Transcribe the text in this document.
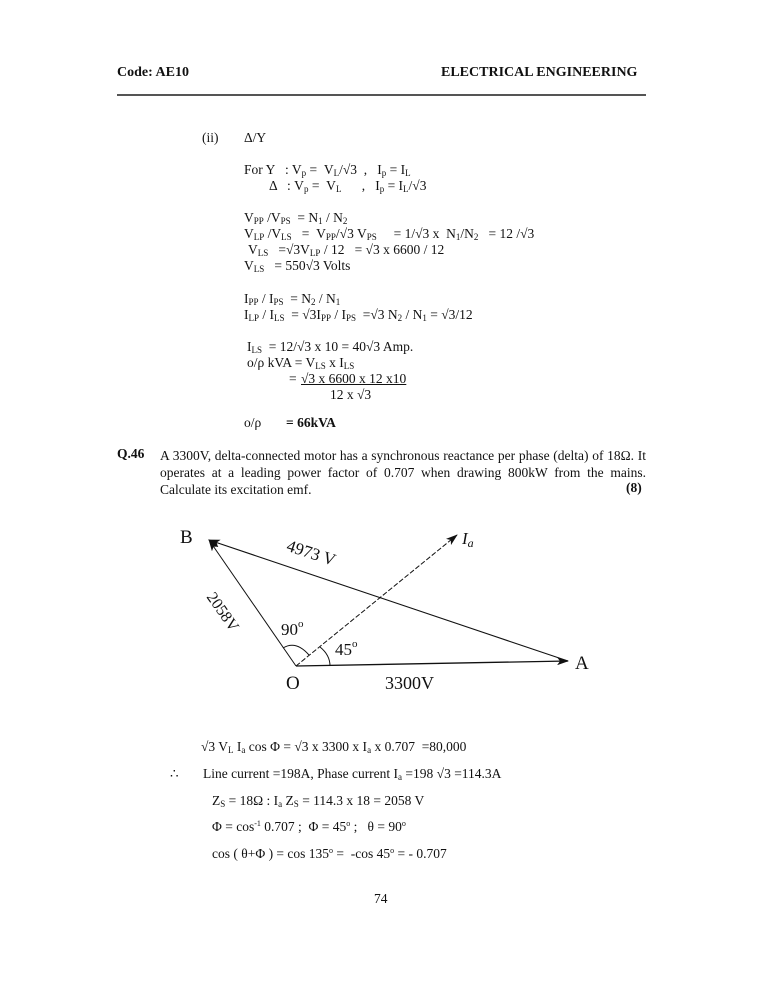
Code: AE10	ELECTRICAL ENGINEERING
(ii) Δ/Y
For Y   : $V_p = V_L/√3$  ,   $I_p = I_L$
Δ   : $V_p = V_L$      ,   $I_p = I_L/√3$
$V_{PP}$ $/V_{PS} = N_1 / N_2$
$V_{LP}$ $/V_{LS} = V_{PP}/√3$ $V_{PS}$     = 1/√3 x  $N_1/N_2 = 12$ /√3
$V_{LS} =√3V_{LP} / 12 = √3$ x 6600 / 12
$V_{LS} = 550√3$ Volts
$I_{PP} / I_{PS} = N_2 / N_1$
$I_{LP} / I_{LS} = √3I_{PP} / I_{PS} =√3$ $N_2 / N_1 = √3/12$
$I_{LS} = 12/√3$ x 10 = 40√3 Amp.
o/ρ kVA = $V_{LS}$ x $I_{LS}$
= √3 x 6600 x 12 x10
12 x √3
o/ρ = 66kVA
Q.46 A 3300V, delta-connected motor has a synchronous reactance per phase (delta) of 18Ω. It operates at a leading power factor of 0.707 when drawing 800kW from the mains. Calculate its excitation emf.	(8)
B
A
O
Ia
3300V
4973 V
2058V 90$^o$
45$^o$
√3 $V_L$ $I_a$ cos Φ = √3 x 3300 x $I_a$ x 0.707  =80,000
∴ Line current =198A, Phase current $I_a =198$ √3 =114.3A
$Z_S = 18\Omega$ : $I_a$ $Z_S = 114.3$ x 18 = 2058 V
$\Phi = \cos^{-1} 0.707$ ;  $\Phi = 45^o$ ;   $\theta = 90^o$
cos ( θ+Φ ) = $\cos 135^o = -\cos$ $45^o$ = - 0.707
74
